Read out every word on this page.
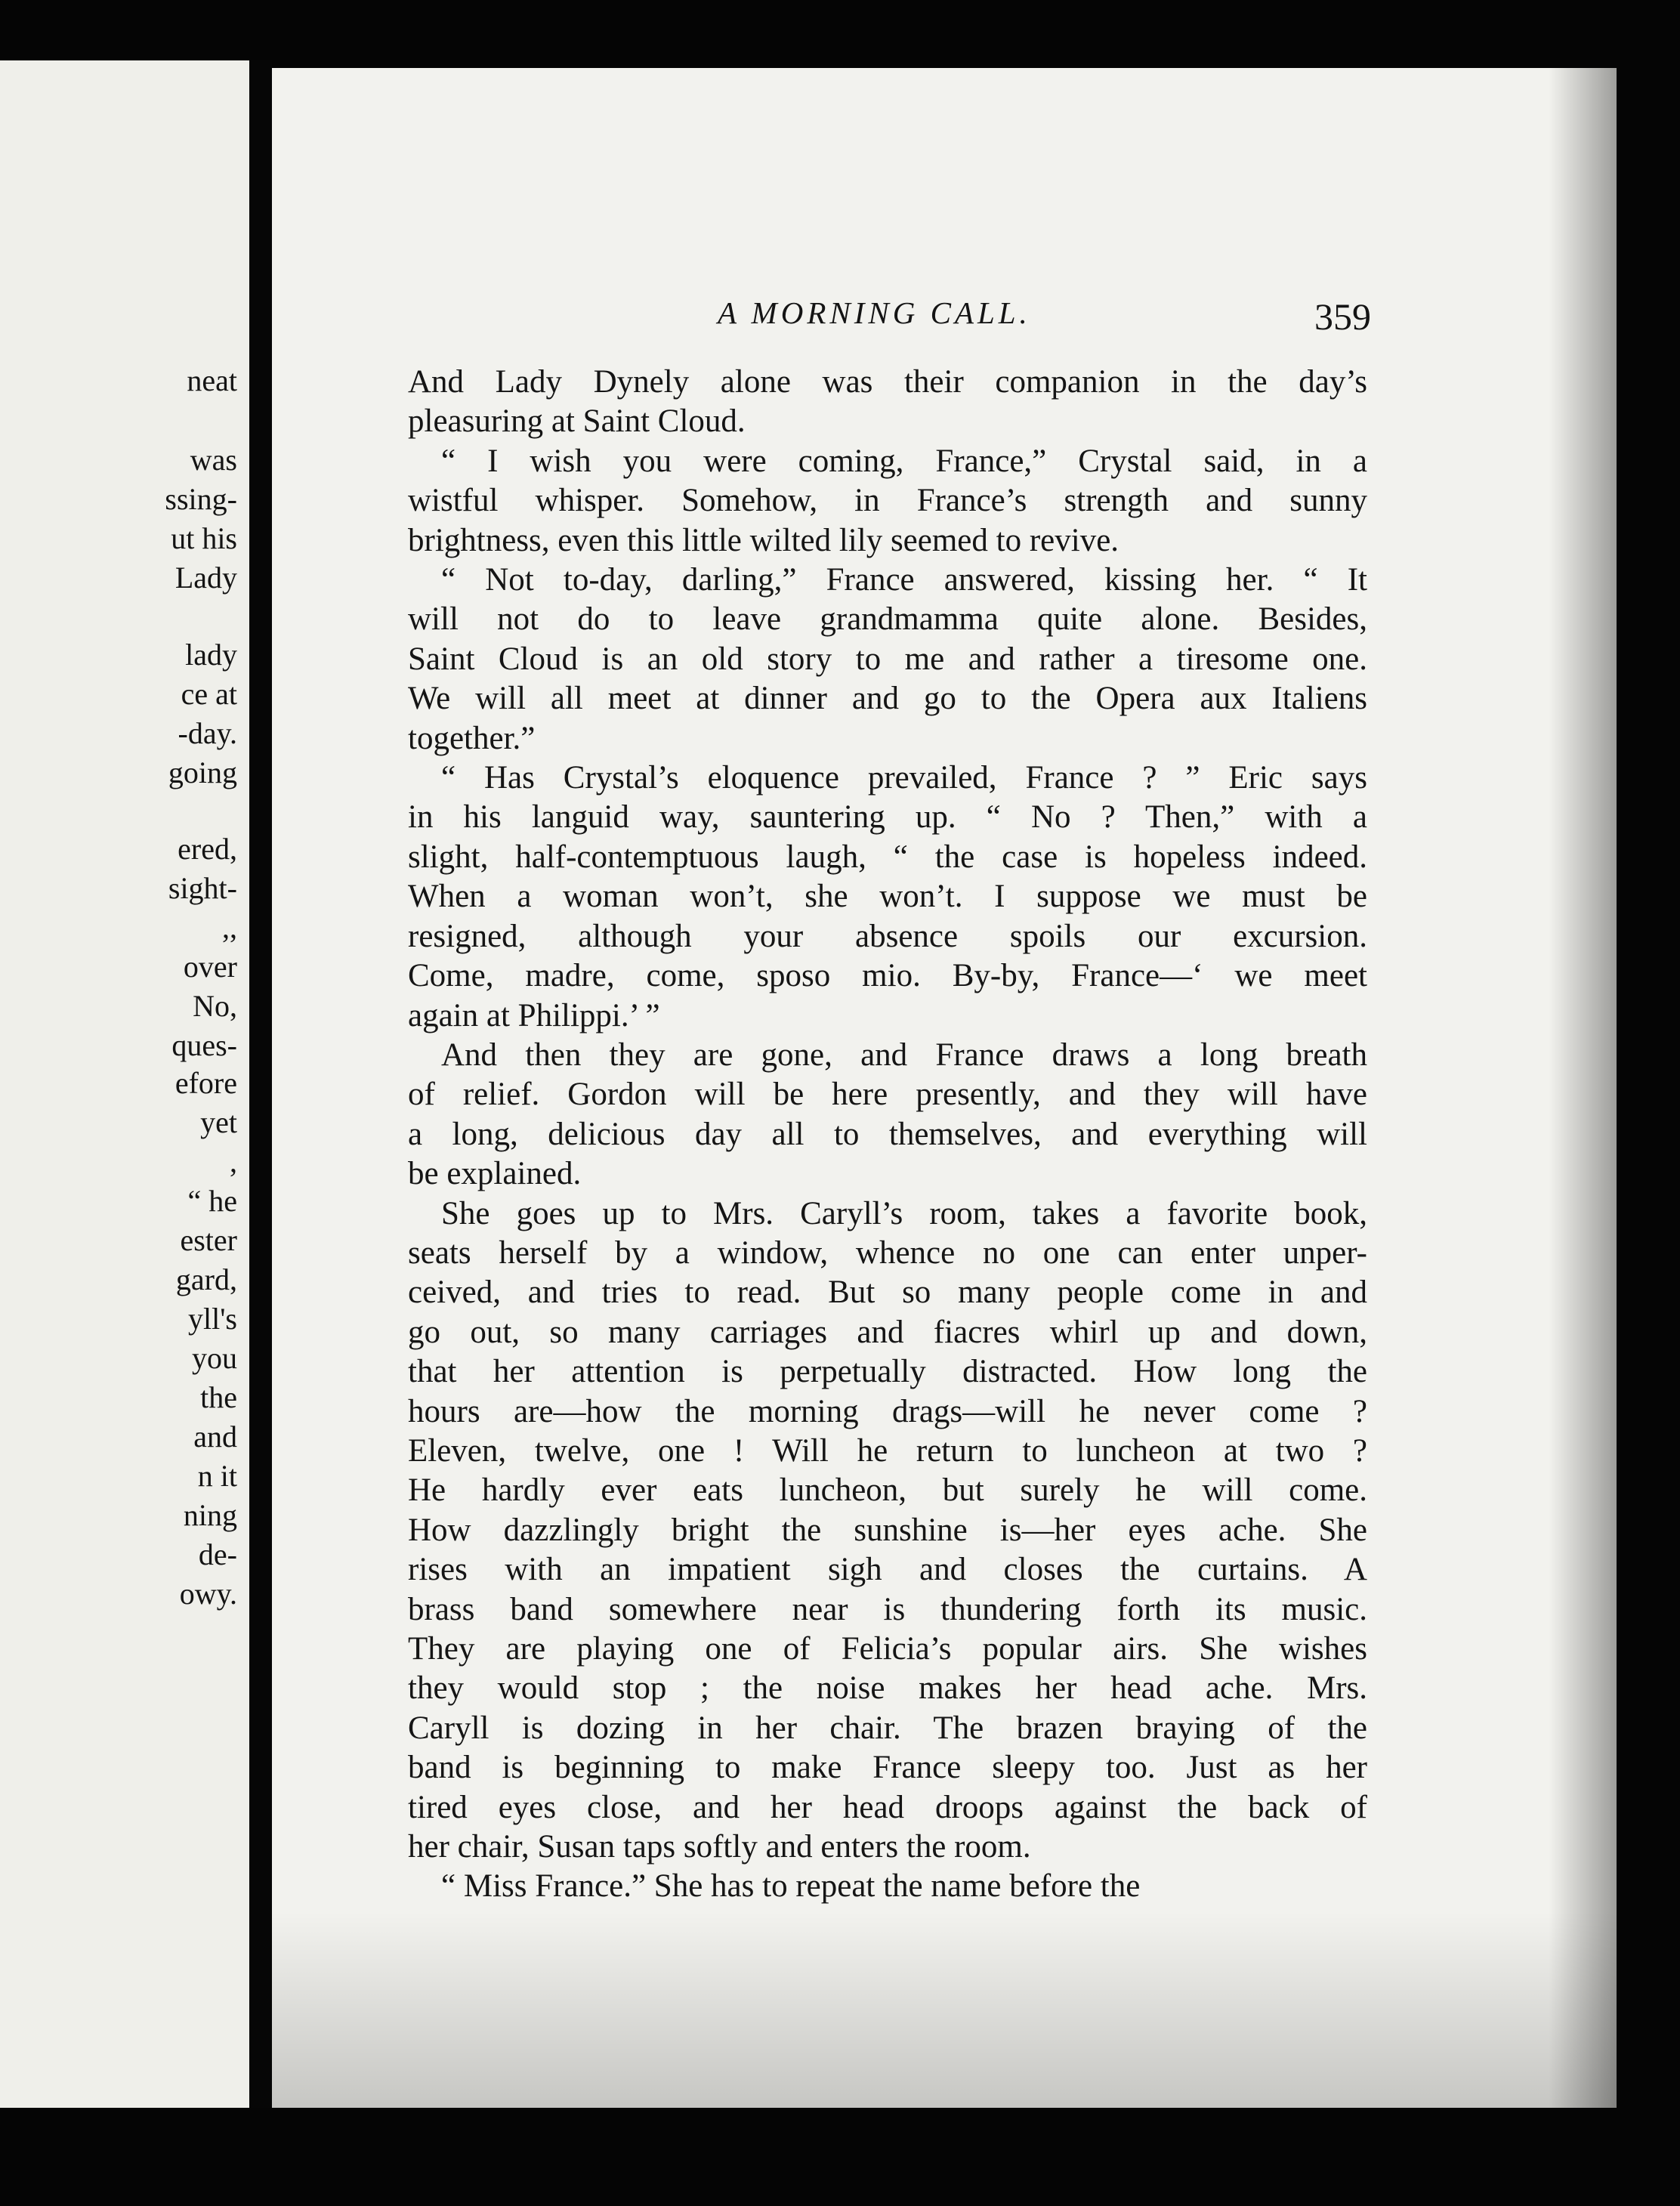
neat
was
ssing-
ut his
Lady
lady
ce at
-day.
going
ered,
sight-
,,
over
No,
ques-
efore
yet
,
“ he
ester
gard,
yll's
you
the
and
n it
ning
de-
owy.
A MORNING CALL.	359

And Lady Dynely alone was their companion in the day’s
pleasuring at Saint Cloud.

“ I wish you were coming, France,” Crystal said, in a
wistful whisper. Somehow, in France’s strength and sunny
brightness, even this little wilted lily seemed to revive.

“ Not to-day, darling,” France answered, kissing her. “ It
will not do to leave grandmamma quite alone. Besides,
Saint Cloud is an old story to me and rather a tiresome one.
We will all meet at dinner and go to the Opera aux Italiens
together.”

“ Has Crystal’s eloquence prevailed, France ? ” Eric says
in his languid way, sauntering up. “ No ? Then,” with a
slight, half-contemptuous laugh, “ the case is hopeless indeed.
When a woman won’t, she won’t. I suppose we must be
resigned, although your absence spoils our excursion.
Come, madre, come, sposo mio. By-by, France—‘ we meet
again at Philippi.’ ”

And then they are gone, and France draws a long breath
of relief. Gordon will be here presently, and they will have
a long, delicious day all to themselves, and everything will
be explained.

She goes up to Mrs. Caryll’s room, takes a favorite book,
seats herself by a window, whence no one can enter unper-
ceived, and tries to read. But so many people come in and
go out, so many carriages and fiacres whirl up and down,
that her attention is perpetually distracted. How long the
hours are—how the morning drags—will he never come ?
Eleven, twelve, one ! Will he return to luncheon at two ?
He hardly ever eats luncheon, but surely he will come.
How dazzlingly bright the sunshine is—her eyes ache. She
rises with an impatient sigh and closes the curtains. A
brass band somewhere near is thundering forth its music.
They are playing one of Felicia’s popular airs. She wishes
they would stop ; the noise makes her head ache. Mrs.
Caryll is dozing in her chair. The brazen braying of the
band is beginning to make France sleepy too. Just as her
tired eyes close, and her head droops against the back of
her chair, Susan taps softly and enters the room.

“ Miss France.” She has to repeat the name before the
